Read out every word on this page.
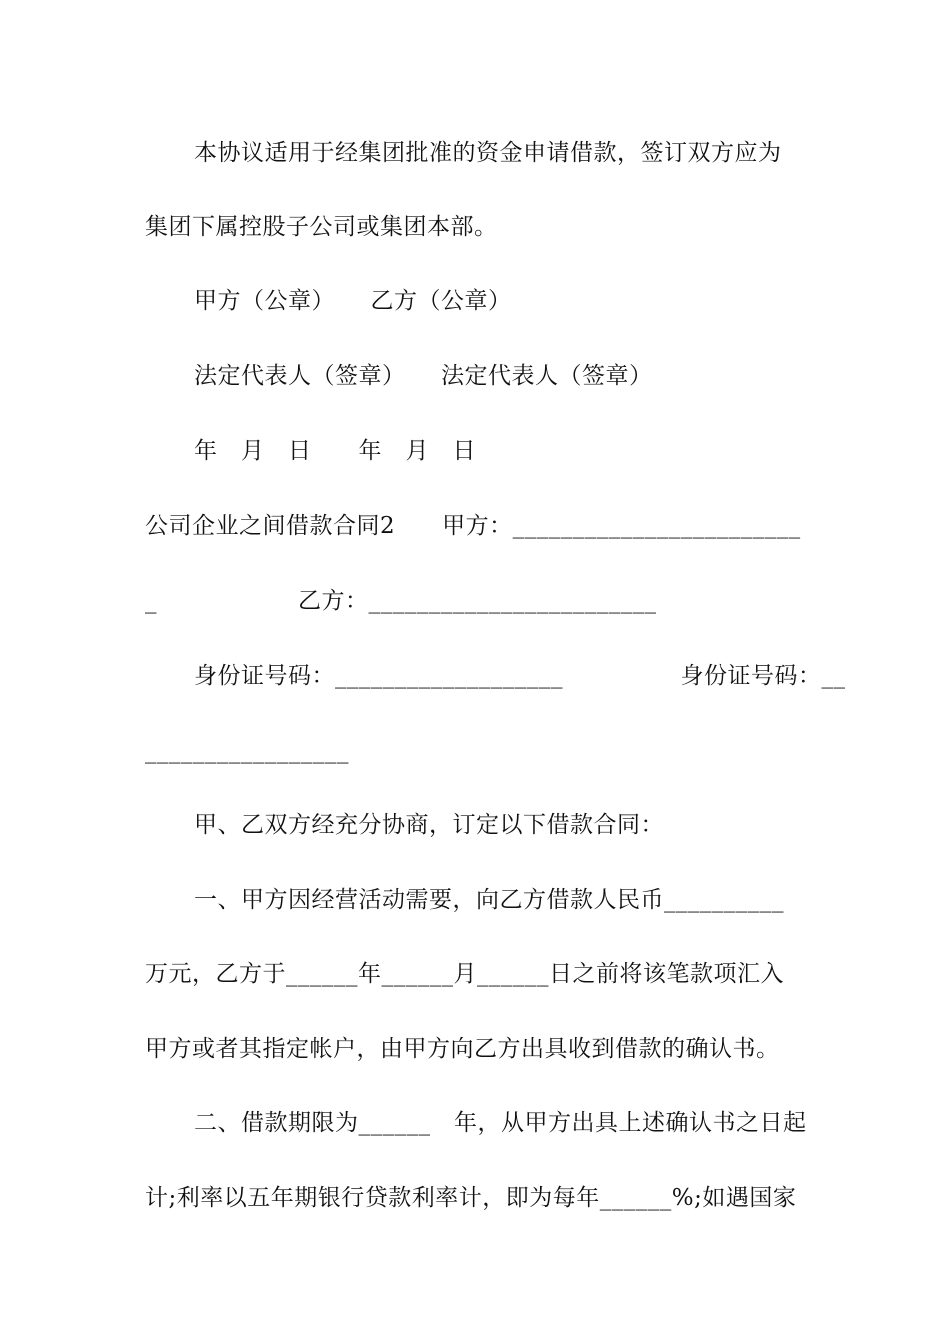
本协议适用于经集团批准的资金申请借款，签订双方应为
集团下属控股子公司或集团本部。
甲方（公章）　　乙方（公章）
法定代表人（签章）　　法定代表人（签章）
年　月　日　　年　月　日
公司企业之间借款合同2　　甲方：________________________
_　　　　　　乙方：________________________
身份证号码：___________________　　　　　身份证号码：__
_________________
甲、乙双方经充分协商，订定以下借款合同：
一、甲方因经营活动需要，向乙方借款人民币__________
万元，乙方于______年______月______日之前将该笔款项汇入
甲方或者其指定帐户，由甲方向乙方出具收到借款的确认书。
二、借款期限为______　年，从甲方出具上述确认书之日起
计;利率以五年期银行贷款利率计，即为每年______%;如遇国家
